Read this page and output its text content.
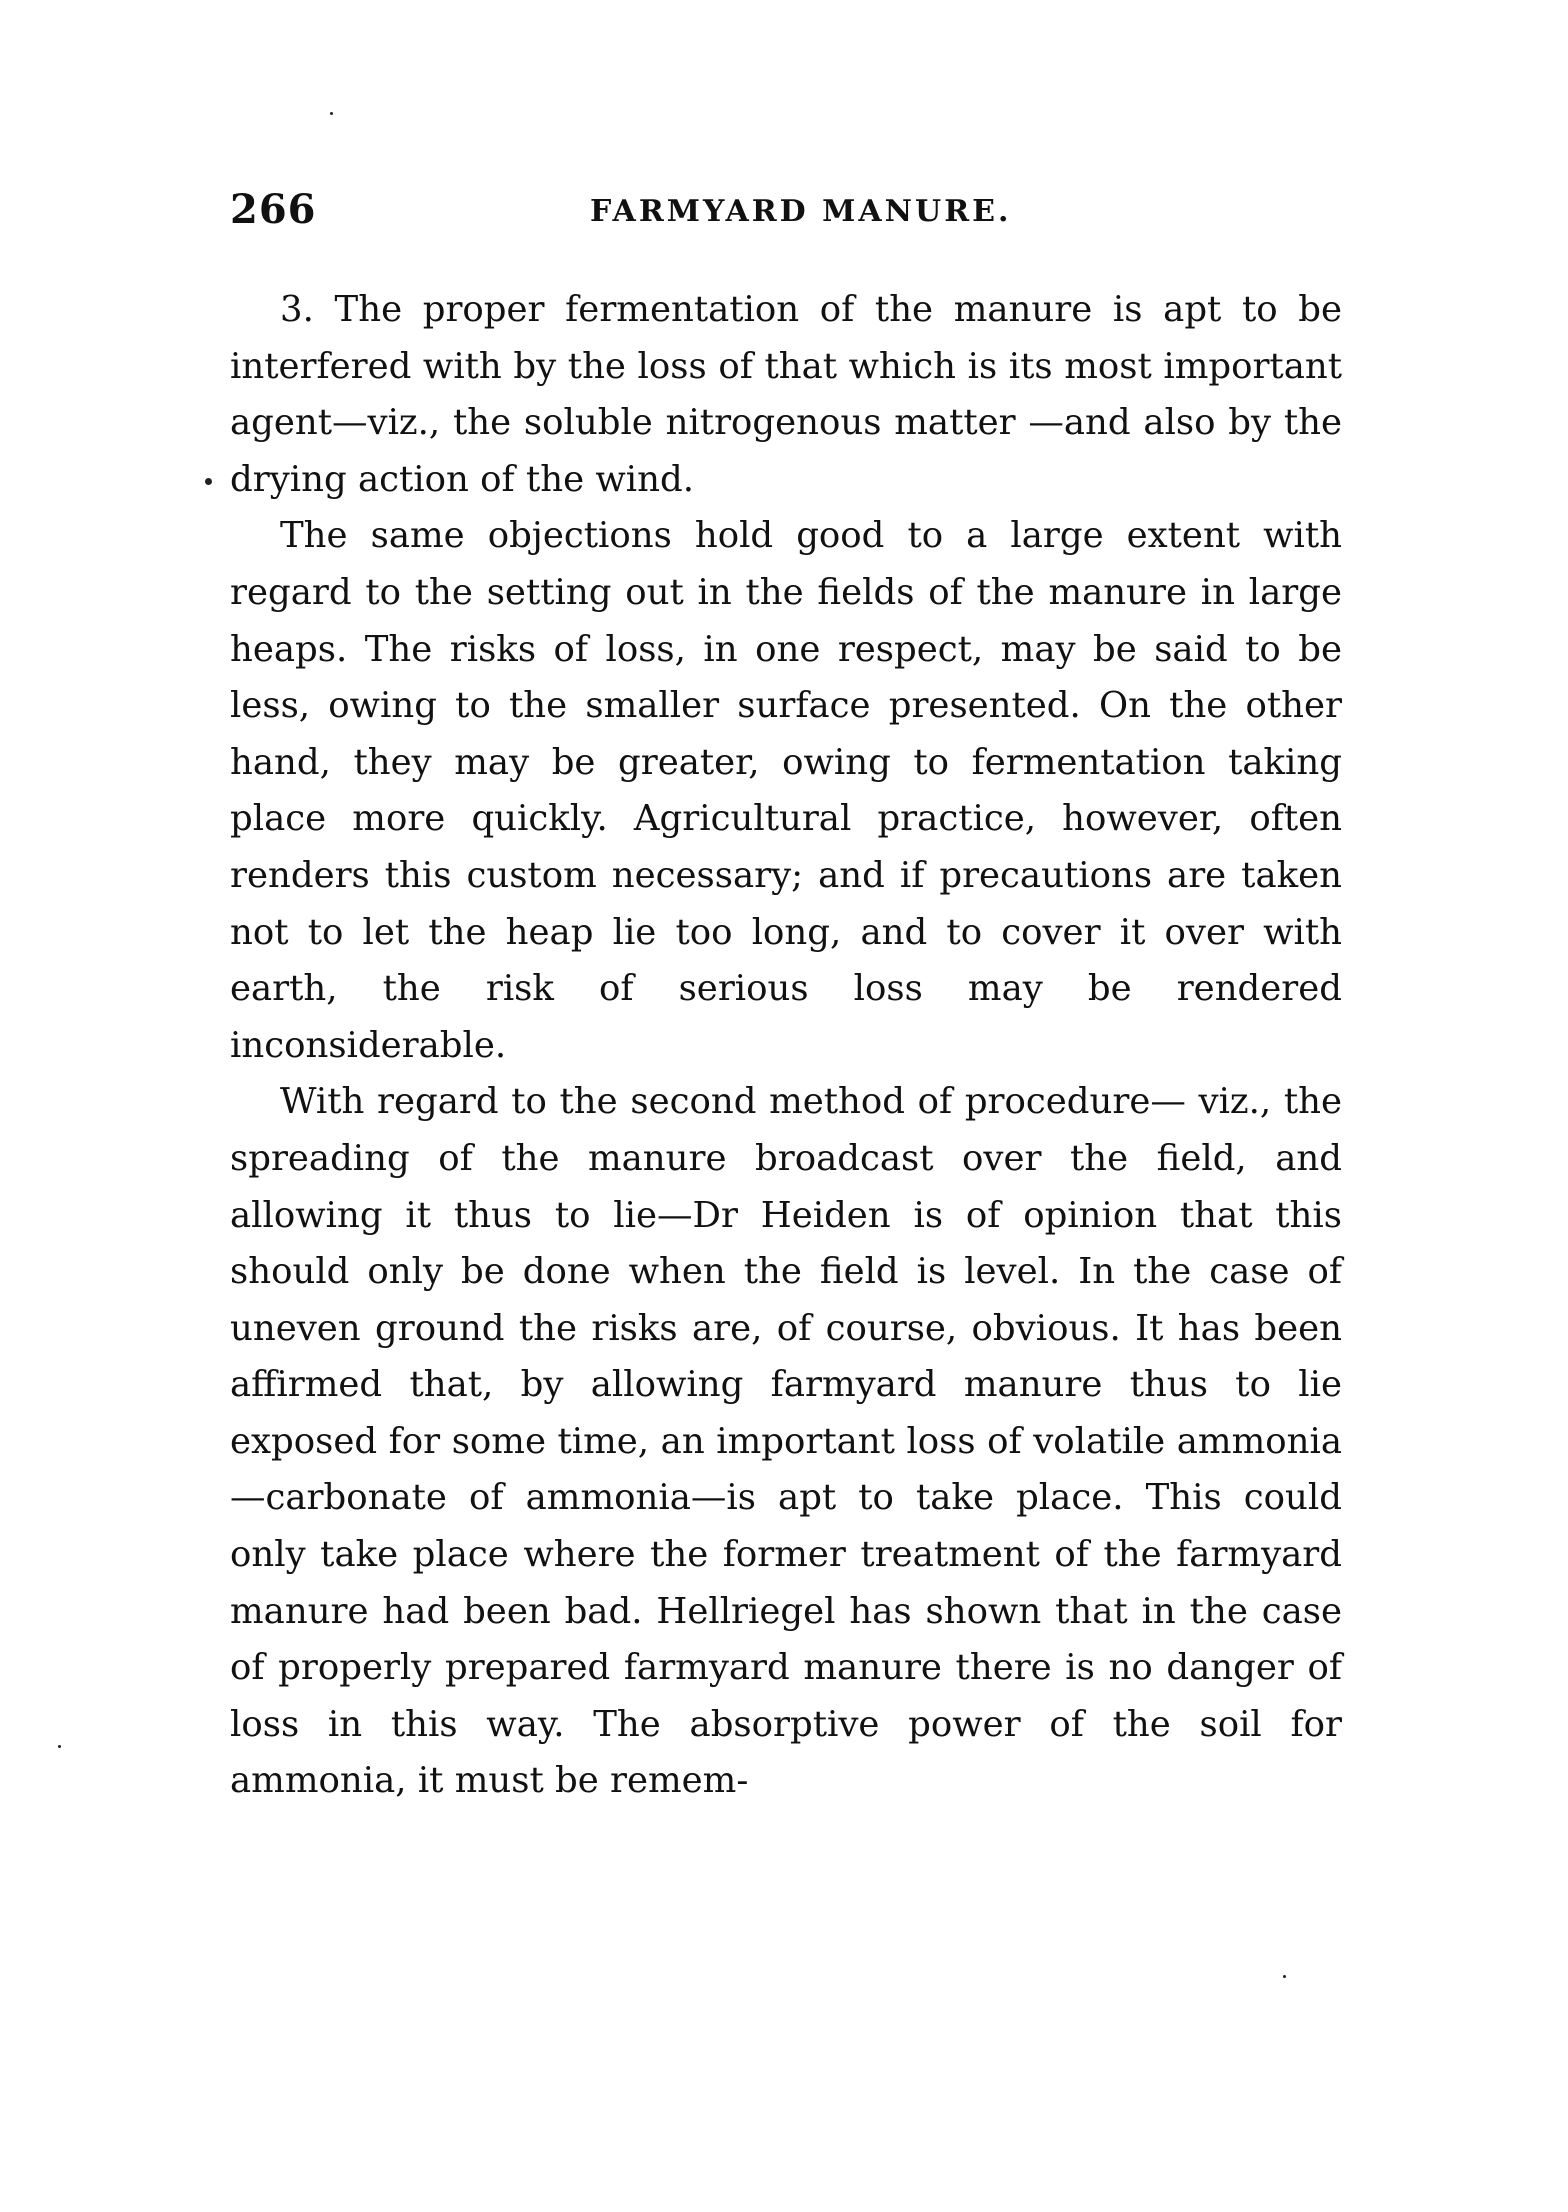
266	FARMYARD MANURE.

3. The proper fermentation of the manure is apt to be interfered with by the loss of that which is its most important agent—viz., the soluble nitrogenous matter —and also by the drying action of the wind.

The same objections hold good to a large extent with regard to the setting out in the fields of the manure in large heaps. The risks of loss, in one respect, may be said to be less, owing to the smaller surface presented. On the other hand, they may be greater, owing to fermentation taking place more quickly. Agricultural practice, however, often renders this custom necessary; and if precautions are taken not to let the heap lie too long, and to cover it over with earth, the risk of serious loss may be rendered inconsiderable.

With regard to the second method of procedure— viz., the spreading of the manure broadcast over the field, and allowing it thus to lie—Dr Heiden is of opinion that this should only be done when the field is level. In the case of uneven ground the risks are, of course, obvious. It has been affirmed that, by allowing farmyard manure thus to lie exposed for some time, an important loss of volatile ammonia—carbonate of ammonia—is apt to take place. This could only take place where the former treatment of the farmyard manure had been bad. Hellriegel has shown that in the case of properly prepared farmyard manure there is no danger of loss in this way. The absorptive power of the soil for ammonia, it must be remem-
